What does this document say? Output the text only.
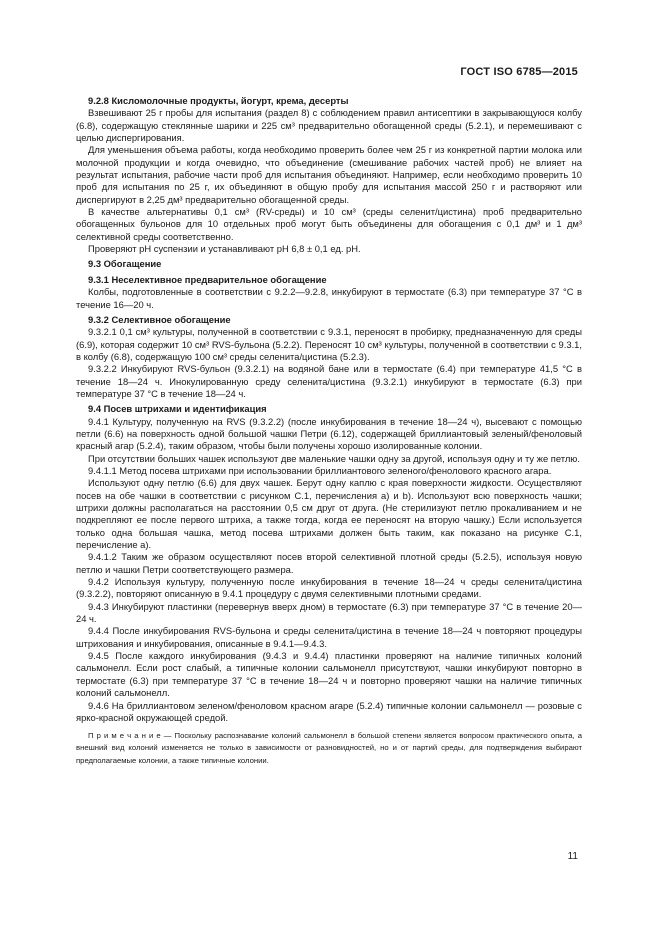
ГОСТ ISO 6785—2015
9.2.8 Кисломолочные продукты, йогурт, крема, десерты

Взвешивают 25 г пробы для испытания (раздел 8) с соблюдением правил антисептики в закрывающуюся колбу (6.8), содержащую стеклянные шарики и 225 см³ предварительно обогащенной среды (5.2.1), и перемешивают с целью диспергирования.

Для уменьшения объема работы, когда необходимо проверить более чем 25 г из конкретной партии молока или молочной продукции и когда очевидно, что объединение (смешивание рабочих частей проб) не влияет на результат испытания, рабочие части проб для испытания объединяют. Например, если необходимо проверить 10 проб для испытания по 25 г, их объединяют в общую пробу для испытания массой 250 г и растворяют или диспергируют в 2,25 дм³ предварительно обогащенной среды.

В качестве альтернативы 0,1 см³ (RV-среды) и 10 см³ (среды селенит/цистина) проб предварительно обогащенных бульонов для 10 отдельных проб могут быть объединены для обогащения с 0,1 дм³ и 1 дм³ селективной среды соответственно.

Проверяют рН суспензии и устанавливают рН 6,8 ± 0,1 ед. рН.

9.3 Обогащение
9.3.1 Неселективное предварительное обогащение

Колбы, подготовленные в соответствии с 9.2.2—9.2.8, инкубируют в термостате (6.3) при температуре 37 °С в течение 16—20 ч.

9.3.2 Селективное обогащение

9.3.2.1 0,1 см³ культуры, полученной в соответствии с 9.3.1, переносят в пробирку, предназначенную для среды (6.9), которая содержит 10 см³ RVS-бульона (5.2.2). Переносят 10 см³ культуры, полученной в соответствии с 9.3.1, в колбу (6.8), содержащую 100 см³ среды селенита/цистина (5.2.3).

9.3.2.2 Инкубируют RVS-бульон (9.3.2.1) на водяной бане или в термостате (6.4) при температуре 41,5 °С в течение 18—24 ч. Инокулированную среду селенита/цистина (9.3.2.1) инкубируют в термостате (6.3) при температуре 37 °С в течение 18—24 ч.

9.4 Посев штрихами и идентификация

9.4.1 Культуру, полученную на RVS (9.3.2.2) (после инкубирования в течение 18—24 ч), высевают с помощью петли (6.6) на поверхность одной большой чашки Петри (6.12), содержащей бриллиантовый зеленый/феноловый красный агар (5.2.4), таким образом, чтобы были получены хорошо изолированные колонии.

При отсутствии больших чашек используют две маленькие чашки одну за другой, используя одну и ту же петлю.

9.4.1.1 Метод посева штрихами при использовании бриллиантового зеленого/фенолового красного агара.

Используют одну петлю (6.6) для двух чашек. Берут одну каплю с края поверхности жидкости. Осуществляют посев на обе чашки в соответствии с рисунком С.1, перечисления а) и b). Используют всю поверхность чашки; штрихи должны располагаться на расстоянии 0,5 см друг от друга. (Не стерилизуют петлю прокаливанием и не подкрепляют ее после первого штриха, а также тогда, когда ее переносят на вторую чашку.) Если используется только одна большая чашка, метод посева штрихами должен быть таким, как показано на рисунке С.1, перечисление а).

9.4.1.2 Таким же образом осуществляют посев второй селективной плотной среды (5.2.5), используя новую петлю и чашки Петри соответствующего размера.

9.4.2 Используя культуру, полученную после инкубирования в течение 18—24 ч среды селенита/цистина (9.3.2.2), повторяют описанную в 9.4.1 процедуру с двумя селективными плотными средами.

9.4.3 Инкубируют пластинки (перевернув вверх дном) в термостате (6.3) при температуре 37 °С в течение 20—24 ч.

9.4.4 После инкубирования RVS-бульона и среды селенита/цистина в течение 18—24 ч повторяют процедуры штрихования и инкубирования, описанные в 9.4.1—9.4.3.

9.4.5 После каждого инкубирования (9.4.3 и 9.4.4) пластинки проверяют на наличие типичных колоний сальмонелл. Если рост слабый, а типичные колонии сальмонелл присутствуют, чашки инкубируют повторно в термостате (6.3) при температуре 37 °С в течение 18—24 ч и повторно проверяют чашки на наличие типичных колоний сальмонелл.

9.4.6 На бриллиантовом зеленом/феноловом красном агаре (5.2.4) типичные колонии сальмонелл — розовые с ярко-красной окружающей средой.

П р и м е ч а н и е — Поскольку распознавание колоний сальмонелл в большой степени является вопросом практического опыта, а внешний вид колоний изменяется не только в зависимости от разновидностей, но и от партий среды, для подтверждения выбирают предполагаемые колонии, а также типичные колонии.

11
